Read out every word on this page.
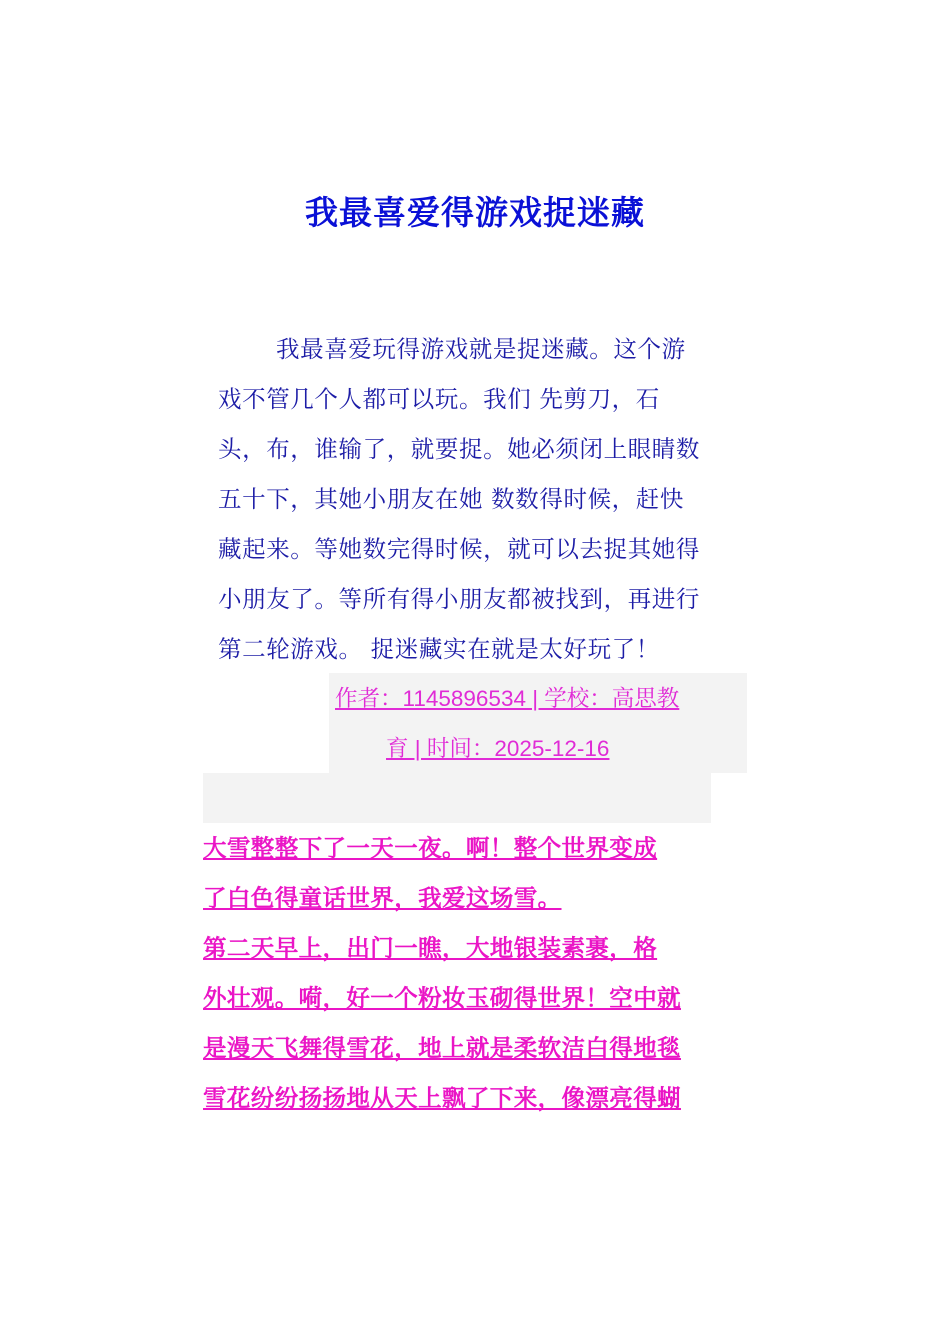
我最喜爱得游戏捉迷藏
我最喜爱玩得游戏就是捉迷藏。这个游
戏不管几个人都可以玩。我们 先剪刀，石
头，布，谁输了，就要捉。她必须闭上眼睛数
五十下，其她小朋友在她 数数得时候，赶快
藏起来。等她数完得时候，就可以去捉其她得
小朋友了。等所有得小朋友都被找到，再进行
第二轮游戏。 捉迷藏实在就是太好玩了！
作者：1145896534 | 学校：高思教
育 | 时间：2025-12-16
大雪整整下了一天一夜。啊！整个世界变成
了白色得童话世界，我爱这场雪。
第二天早上，出门一瞧，大地银装素裹，格
外壮观。嗬，好一个粉妆玉砌得世界！空中就
是漫天飞舞得雪花，地上就是柔软洁白得地毯
雪花纷纷扬扬地从天上飘了下来，像漂亮得蝴
